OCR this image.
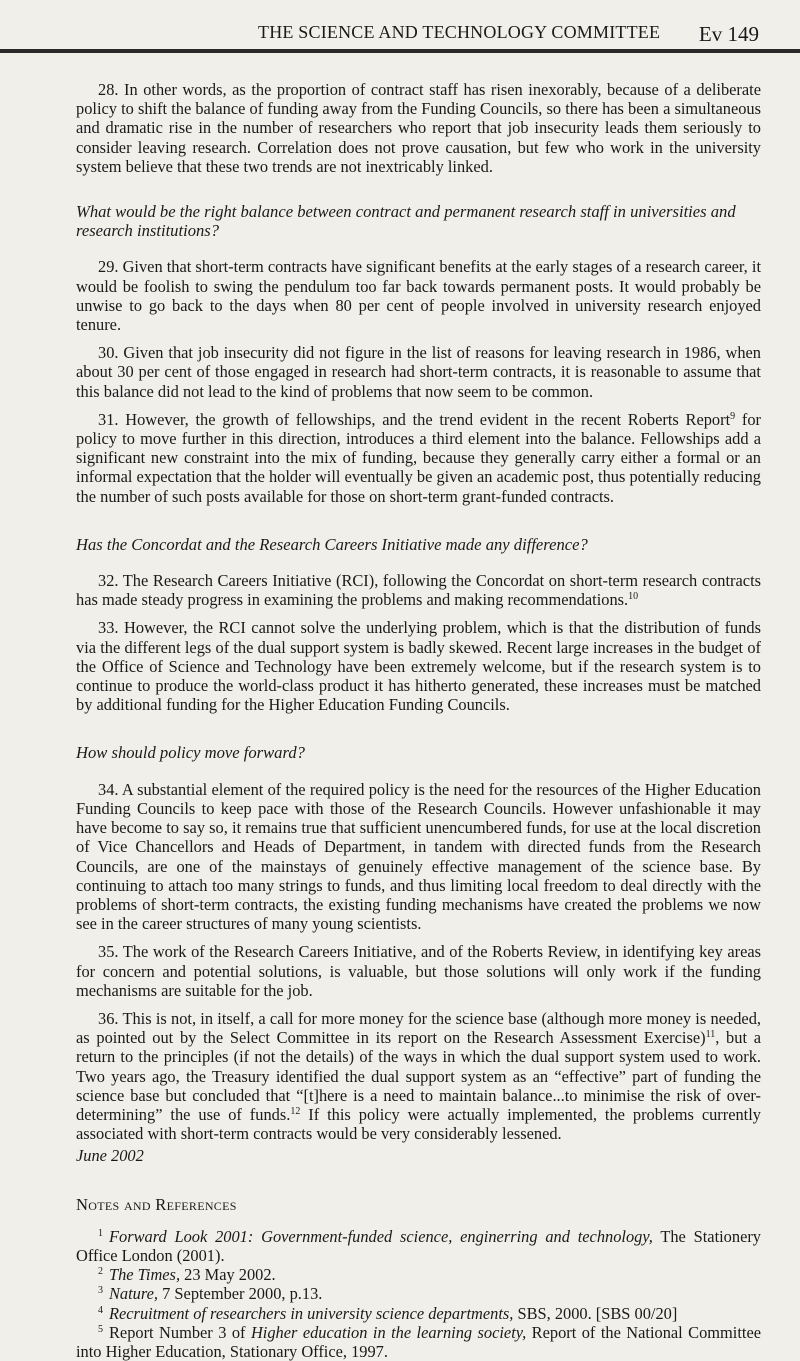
THE SCIENCE AND TECHNOLOGY COMMITTEE Ev 149

28. In other words, as the proportion of contract staff has risen inexorably, because of a deliberate policy to shift the balance of funding away from the Funding Councils, so there has been a simultaneous and dramatic rise in the number of researchers who report that job insecurity leads them seriously to consider leaving research. Correlation does not prove causation, but few who work in the university system believe that these two trends are not inextricably linked.

What would be the right balance between contract and permanent research staff in universities and research institutions?

29. Given that short-term contracts have significant benefits at the early stages of a research career, it would be foolish to swing the pendulum too far back towards permanent posts. It would probably be unwise to go back to the days when 80 per cent of people involved in university research enjoyed tenure.

30. Given that job insecurity did not figure in the list of reasons for leaving research in 1986, when about 30 per cent of those engaged in research had short-term contracts, it is reasonable to assume that this balance did not lead to the kind of problems that now seem to be common.

31. However, the growth of fellowships, and the trend evident in the recent Roberts Report$^9$ for policy to move further in this direction, introduces a third element into the balance. Fellowships add a significant new constraint into the mix of funding, because they generally carry either a formal or an informal expectation that the holder will eventually be given an academic post, thus potentially reducing the number of such posts available for those on short-term grant-funded contracts.

Has the Concordat and the Research Careers Initiative made any difference?

32. The Research Careers Initiative (RCI), following the Concordat on short-term research contracts has made steady progress in examining the problems and making recommendations.$^{10}$

33. However, the RCI cannot solve the underlying problem, which is that the distribution of funds via the different legs of the dual support system is badly skewed. Recent large increases in the budget of the Office of Science and Technology have been extremely welcome, but if the research system is to continue to produce the world-class product it has hitherto generated, these increases must be matched by additional funding for the Higher Education Funding Councils.

How should policy move forward?

34. A substantial element of the required policy is the need for the resources of the Higher Education Funding Councils to keep pace with those of the Research Councils. However unfashionable it may have become to say so, it remains true that sufficient unencumbered funds, for use at the local discretion of Vice Chancellors and Heads of Department, in tandem with directed funds from the Research Councils, are one of the mainstays of genuinely effective management of the science base. By continuing to attach too many strings to funds, and thus limiting local freedom to deal directly with the problems of short-term contracts, the existing funding mechanisms have created the problems we now see in the career structures of many young scientists.

35. The work of the Research Careers Initiative, and of the Roberts Review, in identifying key areas for concern and potential solutions, is valuable, but those solutions will only work if the funding mechanisms are suitable for the job.

36. This is not, in itself, a call for more money for the science base (although more money is needed, as pointed out by the Select Committee in its report on the Research Assessment Exercise)$^{11}$, but a return to the principles (if not the details) of the ways in which the dual support system used to work. Two years ago, the Treasury identified the dual support system as an “effective” part of funding the science base but concluded that “[t]here is a need to maintain balance...to minimise the risk of over-determining” the use of funds.$^{12}$ If this policy were actually implemented, the problems currently associated with short-term contracts would be very considerably lessened.

June 2002
Notes and References

$^1$ Forward Look 2001: Government-funded science, enginerring and technology, The Stationery Office London (2001).

$^2$ The Times, 23 May 2002.

$^3$ Nature, 7 September 2000, p.13.

$^4$ Recruitment of researchers in university science departments, SBS, 2000. [SBS 00/20]

$^5$ Report Number 3 of Higher education in the learning society, Report of the National Committee into Higher Education, Stationary Office, 1997.
